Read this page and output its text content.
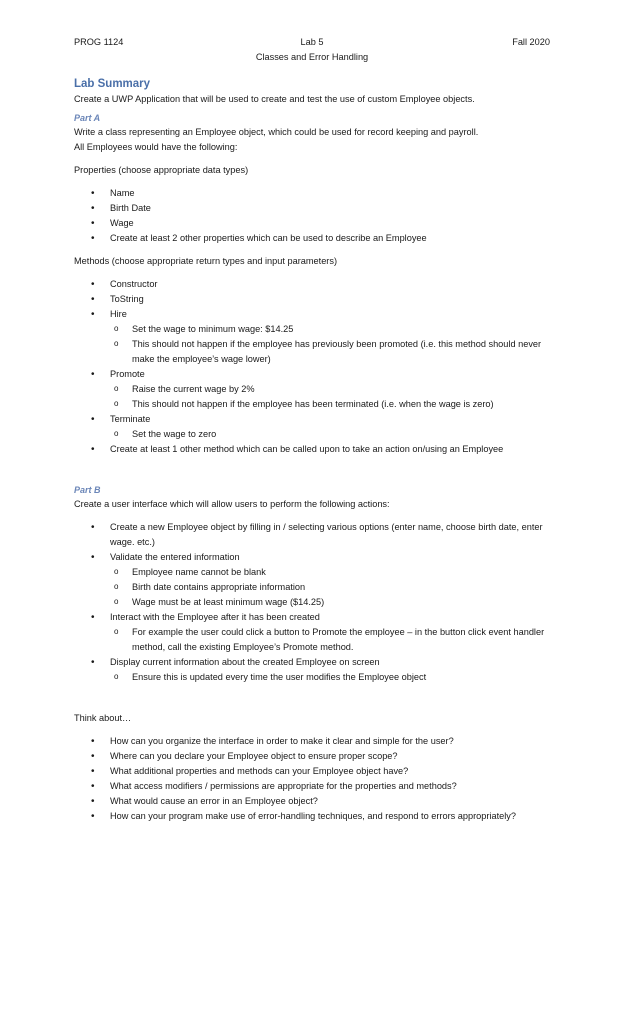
PROG 1124	Lab 5
Classes and Error Handling
Fall 2020
Lab Summary

Create a UWP Application that will be used to create and test the use of custom Employee objects.

Part A

Write a class representing an Employee object, which could be used for record keeping and payroll.

All Employees would have the following:

Properties (choose appropriate data types)

• Name
• Birth Date
• Wage
• Create at least 2 other properties which can be used to describe an Employee

Methods (choose appropriate return types and input parameters)

• Constructor
• ToString
• Hire
o Set the wage to minimum wage: $14.25
o This should not happen if the employee has previously been promoted (i.e. this method should never make the employee’s wage lower)
• Promote
o Raise the current wage by 2%
o This should not happen if the employee has been terminated (i.e. when the wage is zero)
• Terminate
o Set the wage to zero
• Create at least 1 other method which can be called upon to take an action on/using an Employee
Part B

Create a user interface which will allow users to perform the following actions:

• Create a new Employee object by filling in / selecting various options (enter name, choose birth date, enter wage. etc.)
• Validate the entered information
o Employee name cannot be blank
o Birth date contains appropriate information
o Wage must be at least minimum wage ($14.25)
• Interact with the Employee after it has been created
o For example the user could click a button to Promote the employee – in the button click event handler method, call the existing Employee’s Promote method.
• Display current information about the created Employee on screen
o Ensure this is updated every time the user modifies the Employee object

Think about…

• How can you organize the interface in order to make it clear and simple for the user?
• Where can you declare your Employee object to ensure proper scope?
• What additional properties and methods can your Employee object have?
• What access modifiers / permissions are appropriate for the properties and methods?
• What would cause an error in an Employee object?
• How can your program make use of error-handling techniques, and respond to errors appropriately?
